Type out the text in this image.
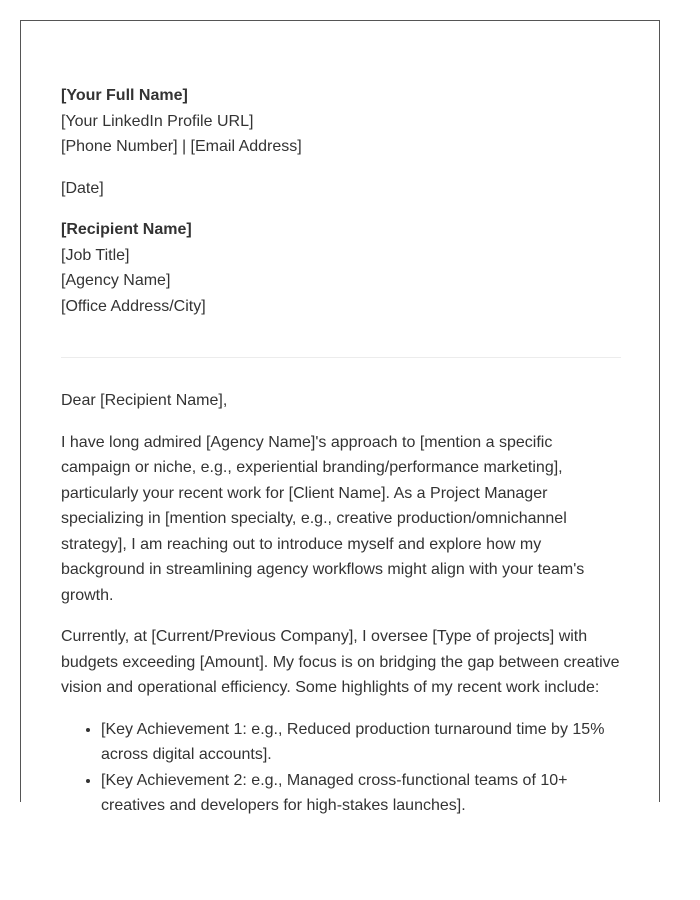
[Your Full Name]
[Your LinkedIn Profile URL]
[Phone Number] | [Email Address]
[Date]
[Recipient Name]
[Job Title]
[Agency Name]
[Office Address/City]

Dear [Recipient Name],

I have long admired [Agency Name]'s approach to [mention a specific campaign or niche, e.g., experiential branding/performance marketing], particularly your recent work for [Client Name]. As a Project Manager specializing in [mention specialty, e.g., creative production/omnichannel strategy], I am reaching out to introduce myself and explore how my background in streamlining agency workflows might align with your team's growth.

Currently, at [Current/Previous Company], I oversee [Type of projects] with budgets exceeding [Amount]. My focus is on bridging the gap between creative vision and operational efficiency. Some highlights of my recent work include:

• [Key Achievement 1: e.g., Reduced production turnaround time by 15% across digital accounts].
• [Key Achievement 2: e.g., Managed cross-functional teams of 10+ creatives and developers for high-stakes launches].
